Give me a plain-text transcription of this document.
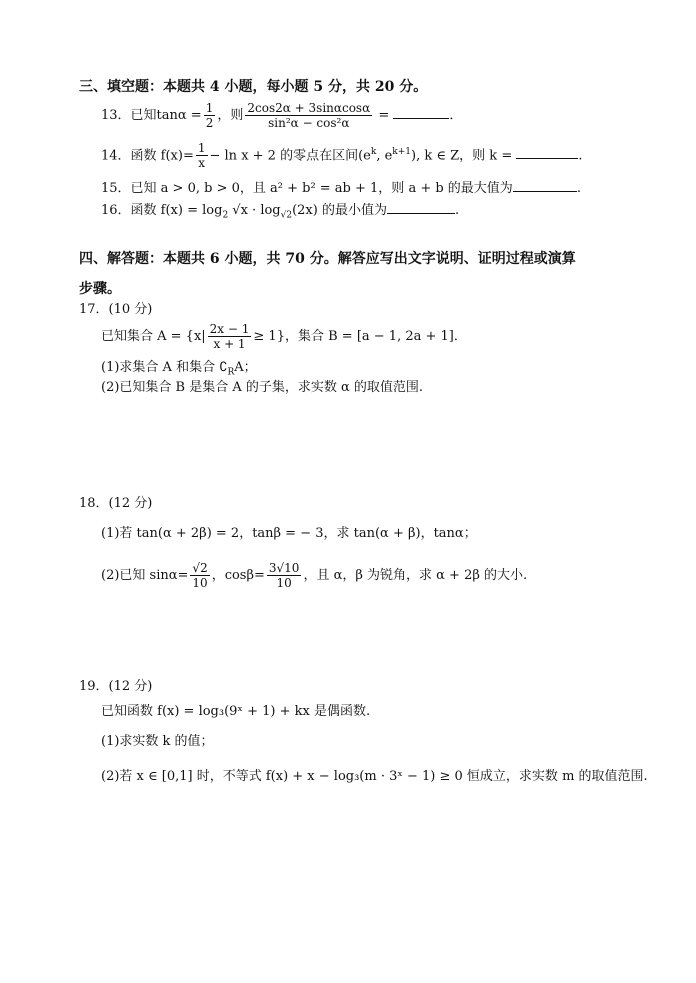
三、填空题：本题共 4 小题，每小题 5 分，共 20 分。
13．已知$\tan\alpha = \frac{1}{2}$ ，则 $\frac{2\cos 2\alpha + 3\sin\alpha\cos\alpha}{\text{sin²α − cos²α}}$ =	．
14．函数 $f(x)= \frac{1}{x} - \ln x + 2$ 的零点在区间($e^k$, $e^{k+1}$), k ∈ Z，则 k =	.
15．已知 a > 0, b > 0，且 a² + b² = ab + 1，则 a + b 的最大值为	.
16．函数 $f(x) = \log_2 √x \cdot \log_{√2}(2x)$ 的最小值为	.
四、解答题：本题共 6 小题，共 70 分。解答应写出文字说明、证明过程或演算
步骤。
17．(10 分)
已知集合 $A = \{x| \frac{2x - 1}{x + 1} \ge 1\}$，集合 B = [a − 1, 2a + 1]．
(1)求集合 A 和集合 $∁_RA$；
(2)已知集合 B 是集合 A 的子集，求实数 α 的取值范围.
18．(12 分)
(1)若 tan(α + 2β) = 2，tanβ = − 3，求 tan(α + β)，tanα；
(2)已知 $\sin\alpha= \frac{√2}{10}$ ，$\cos\beta= \frac{3√10}{10}$ ，且 α，β 为锐角，求 α + 2β 的大小.
19．(12 分)
已知函数 f(x) = log₃(9ˣ + 1) + kx 是偶函数.
(1)求实数 k 的值；
(2)若 x ∈ [0,1] 时，不等式 f(x) + x − log₃(m · 3ˣ − 1) ≥ 0 恒成立，求实数 m 的取值范围.
